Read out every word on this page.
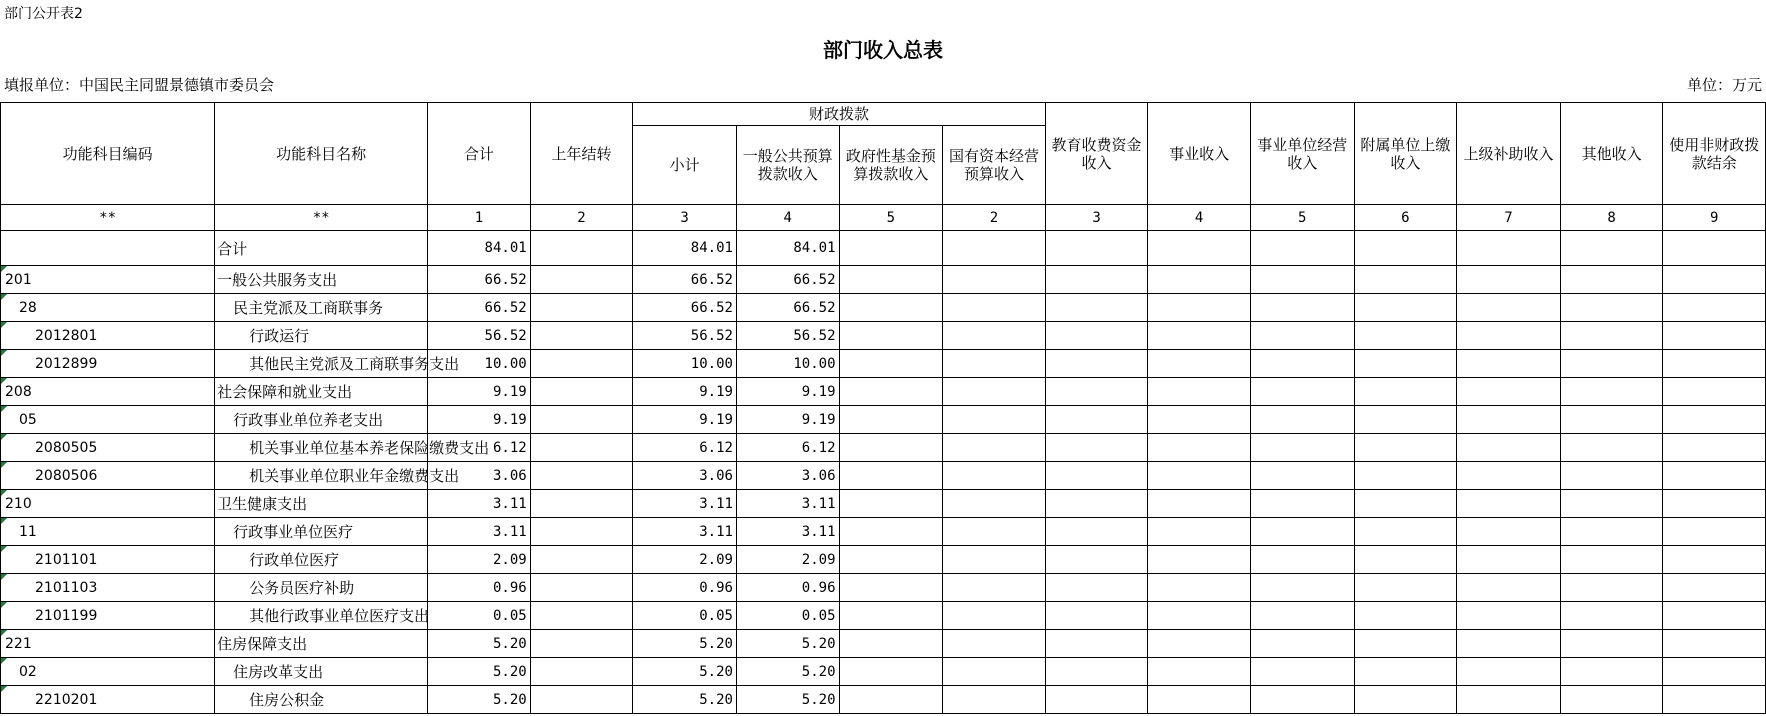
部门公开表2
部门收入总表
填报单位：中国民主同盟景德镇市委员会	单位：万元
功能科目编码	功能科目名称	合计	上年结转	财政拨款				教育收费资金收入	事业收入	事业单位经营收入	附属单位上缴收入	上级补助收入	其他收入	使用非财政拨款结余
				小计	一般公共预算拨款收入	政府性基金预算拨款收入	国有资本经营预算收入							
**	**	1	2	3	4	5	2	3	4	5	6	7	8	9
	合计	84.01		84.01	84.01									
201	一般公共服务支出	66.52		66.52	66.52									
28	民主党派及工商联事务	66.52		66.52	66.52									
2012801	行政运行	56.52		56.52	56.52									
2012899	其他民主党派及工商联事务支出	10.00		10.00	10.00									
208	社会保障和就业支出	9.19		9.19	9.19									
05	行政事业单位养老支出	9.19		9.19	9.19									
2080505	机关事业单位基本养老保险缴费支出	6.12		6.12	6.12									
2080506	机关事业单位职业年金缴费支出	3.06		3.06	3.06									
210	卫生健康支出	3.11		3.11	3.11									
11	行政事业单位医疗	3.11		3.11	3.11									
2101101	行政单位医疗	2.09		2.09	2.09									
2101103	公务员医疗补助	0.96		0.96	0.96									
2101199	其他行政事业单位医疗支出	0.05		0.05	0.05									
221	住房保障支出	5.20		5.20	5.20									
02	住房改革支出	5.20		5.20	5.20									
2210201	住房公积金	5.20		5.20	5.20									
